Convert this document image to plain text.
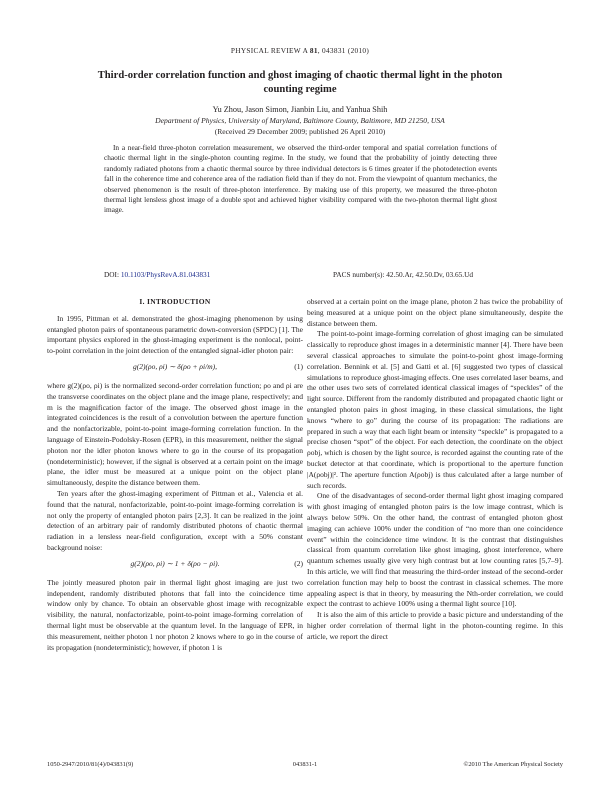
PHYSICAL REVIEW A 81, 043831 (2010)
Third-order correlation function and ghost imaging of chaotic thermal light in the photon counting regime
Yu Zhou, Jason Simon, Jianbin Liu, and Yanhua Shih
Department of Physics, University of Maryland, Baltimore County, Baltimore, MD 21250, USA
(Received 29 December 2009; published 26 April 2010)

In a near-field three-photon correlation measurement, we observed the third-order temporal and spatial correlation functions of chaotic thermal light in the single-photon counting regime. In the study, we found that the probability of jointly detecting three randomly radiated photons from a chaotic thermal source by three individual detectors is 6 times greater if the photodetection events fall in the coherence time and coherence area of the radiation field than if they do not. From the viewpoint of quantum mechanics, the observed phenomenon is the result of three-photon interference. By making use of this property, we measured the three-photon thermal light lensless ghost image of a double spot and achieved higher visibility compared with the two-photon thermal light ghost image.

DOI: 10.1103/PhysRevA.81.043831	PACS number(s): 42.50.Ar, 42.50.Dv, 03.65.Ud
I. INTRODUCTION

In 1995, Pittman et al. demonstrated the ghost-imaging phenomenon by using entangled photon pairs of spontaneous parametric down-conversion (SPDC) [1]. The important physics explored in the ghost-imaging experiment is the nonlocal, point-to-point correlation in the joint detection of the entangled signal-idler photon pair:

g(2)(ρo, ρi) ∼ δ(ρo + ρi/m),	(1)

where g(2)(ρo, ρi) is the normalized second-order correlation function; ρo and ρi are the transverse coordinates on the object plane and the image plane, respectively; and m is the magnification factor of the image. The observed ghost image in the integrated coincidences is the result of a convolution between the aperture function and the nonfactorizable, point-to-point image-forming correlation function. In the language of Einstein-Podolsky-Rosen (EPR), in this measurement, neither the signal photon nor the idler photon knows where to go in the course of its propagation (nondeterministic); however, if the signal is observed at a certain point on the image plane, the idler must be measured at a unique point on the object plane simultaneously, despite the distance between them.

Ten years after the ghost-imaging experiment of Pittman et al., Valencia et al. found that the natural, nonfactorizable, point-to-point image-forming correlation is not only the property of entangled photon pairs [2,3]. It can be realized in the joint detection of an arbitrary pair of randomly distributed photons of chaotic thermal radiation in a lensless near-field configuration, except with a 50% constant background noise:

g(2)(ρo, ρi) ∼ 1 + δ(ρo − ρi).	(2)

The jointly measured photon pair in thermal light ghost imaging are just two independent, randomly distributed photons that fall into the coincidence time window only by chance. To obtain an observable ghost image with recognizable visibility, the natural, nonfactorizable, point-to-point image-forming correlation of thermal light must be observable at the quantum level. In the language of EPR, in this measurement, neither photon 1 nor photon 2 knows where to go in the course of its propagation (nondeterministic); however, if photon 1 is

observed at a certain point on the image plane, photon 2 has twice the probability of being measured at a unique point on the object plane simultaneously, despite the distance between them.

The point-to-point image-forming correlation of ghost imaging can be simulated classically to reproduce ghost images in a deterministic manner [4]. There have been several classical approaches to simulate the point-to-point ghost image-forming correlation. Bennink et al. [5] and Gatti et al. [6] suggested two types of classical simulations to reproduce ghost-imaging effects. One uses correlated laser beams, and the other uses two sets of correlated identical classical images of “speckles” of the light source. Different from the randomly distributed and propagated chaotic light or entangled photon pairs in ghost imaging, in these classical simulations, the light knows “where to go” during the course of its propagation: The radiations are prepared in such a way that each light beam or intensity “speckle” is propagated to a precise chosen “spot” of the object. For each detection, the coordinate on the object ρobj, which is chosen by the light source, is recorded against the counting rate of the bucket detector at that coordinate, which is proportional to the aperture function |A(ρobj)|². The aperture function A(ρobj) is thus calculated after a large number of such records.

One of the disadvantages of second-order thermal light ghost imaging compared with ghost imaging of entangled photon pairs is the low image contrast, which is always below 50%. On the other hand, the contrast of entangled photon ghost imaging can achieve 100% under the condition of “no more than one coincidence event” within the coincidence time window. It is the contrast that distinguishes classical from quantum correlation like ghost imaging, ghost interference, where quantum schemes usually give very high contrast but at low counting rates [5,7–9]. In this article, we will find that measuring the third-order instead of the second-order correlation function may help to boost the contrast in classical schemes. The more appealing aspect is that in theory, by measuring the Nth-order correlation, we could expect the contrast to achieve 100% using a thermal light source [10].

It is also the aim of this article to provide a basic picture and understanding of the higher order correlation of thermal light in the photon-counting regime. In this article, we report the direct

1050-2947/2010/81(4)/043831(9)	043831-1	©2010 The American Physical Society
